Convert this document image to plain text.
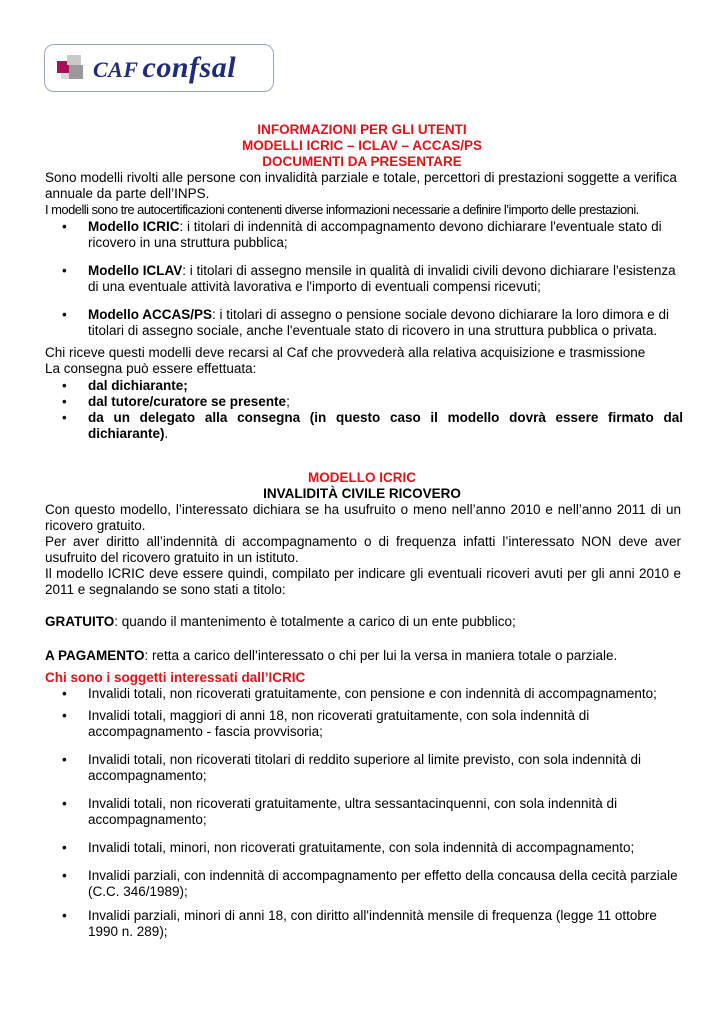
CAF confsal
INFORMAZIONI PER GLI UTENTI
MODELLI ICRIC – ICLAV – ACCAS/PS
DOCUMENTI DA PRESENTARE
Sono modelli rivolti alle persone con invalidità parziale e totale, percettori di prestazioni soggette a verifica
annuale da parte dell’INPS.
I modelli sono tre autocertificazioni contenenti diverse informazioni necessarie a definire l’importo delle prestazioni.
• Modello ICRIC: i titolari di indennità di accompagnamento devono dichiarare l'eventuale stato di
ricovero in una struttura pubblica;
• Modello ICLAV: i titolari di assegno mensile in qualità di invalidi civili devono dichiarare l'esistenza
di una eventuale attività lavorativa e l'importo di eventuali compensi ricevuti;
• Modello ACCAS/PS: i titolari di assegno o pensione sociale devono dichiarare la loro dimora e di
titolari di assegno sociale, anche l'eventuale stato di ricovero in una struttura pubblica o privata.
Chi riceve questi modelli deve recarsi al Caf che provvederà alla relativa acquisizione e trasmissione
La consegna può essere effettuata:
• dal dichiarante;
• dal tutore/curatore se presente;
• da un delegato alla consegna (in questo caso il modello dovrà essere firmato dal
dichiarante).
MODELLO ICRIC
INVALIDITÀ CIVILE RICOVERO
Con questo modello, l’interessato dichiara se ha usufruito o meno nell’anno 2010 e nell’anno 2011 di un
ricovero gratuito.
Per aver diritto all’indennità di accompagnamento o di frequenza infatti l’interessato NON deve aver
usufruito del ricovero gratuito in un istituto.
Il modello ICRIC deve essere quindi, compilato per indicare gli eventuali ricoveri avuti per gli anni 2010 e
2011 e segnalando se sono stati a titolo:
GRATUITO: quando il mantenimento è totalmente a carico di un ente pubblico;
A PAGAMENTO: retta a carico dell’interessato o chi per lui la versa in maniera totale o parziale.
Chi sono i soggetti interessati dall’ICRIC
• Invalidi totali, non ricoverati gratuitamente, con pensione e con indennità di accompagnamento;
• Invalidi totali, maggiori di anni 18, non ricoverati gratuitamente, con sola indennità di
accompagnamento - fascia provvisoria;
• Invalidi totali, non ricoverati titolari di reddito superiore al limite previsto, con sola indennità di
accompagnamento;
• Invalidi totali, non ricoverati gratuitamente, ultra sessantacinquenni, con sola indennità di
accompagnamento;
• Invalidi totali, minori, non ricoverati gratuitamente, con sola indennità di accompagnamento;
• Invalidi parziali, con indennità di accompagnamento per effetto della concausa della cecità parziale
(C.C. 346/1989);
• Invalidi parziali, minori di anni 18, con diritto all'indennità mensile di frequenza (legge 11 ottobre
1990 n. 289);
